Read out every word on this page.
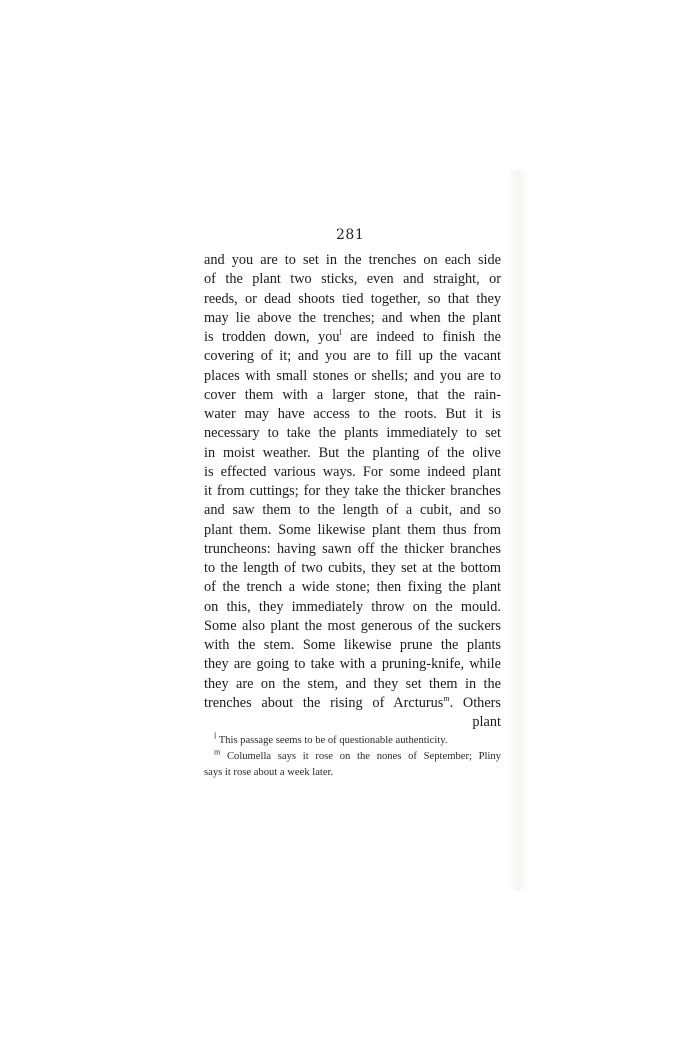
281
and you are to set in the trenches on each side
of the plant two sticks, even and straight, or
reeds, or dead shoots tied together, so that they
may lie above the trenches; and when the plant
is trodden down, you$^l$ are indeed to finish the
covering of it; and you are to fill up the vacant
places with small stones or shells; and you are to
cover them with a larger stone, that the rain-
water may have access to the roots. But it is
necessary to take the plants immediately to set
in moist weather. But the planting of the olive
is effected various ways. For some indeed plant
it from cuttings; for they take the thicker branches
and saw them to the length of a cubit, and so
plant them. Some likewise plant them thus from
truncheons: having sawn off the thicker branches
to the length of two cubits, they set at the bottom
of the trench a wide stone; then fixing the plant
on this, they immediately throw on the mould.
Some also plant the most generous of the suckers
with the stem. Some likewise prune the plants
they are going to take with a pruning-knife, while
they are on the stem, and they set them in the
trenches about the rising of Arcturus$^m$. Others
plant
$^l$ This passage seems to be of questionable authenticity.
$^m$ Columella says it rose on the nones of September; Pliny
says it rose about a week later.
